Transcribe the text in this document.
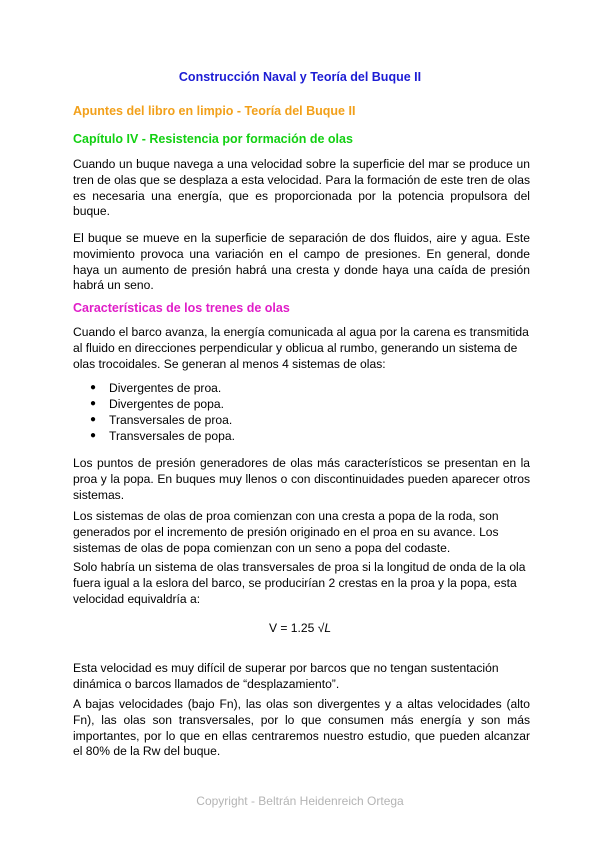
Construcción Naval y Teoría del Buque II
Apuntes del libro en limpio - Teoría del Buque II
Capítulo IV - Resistencia por formación de olas

Cuando un buque navega a una velocidad sobre la superficie del mar se produce un tren de olas que se desplaza a esta velocidad. Para la formación de este tren de olas es necesaria una energía, que es proporcionada por la potencia propulsora del buque.

El buque se mueve en la superficie de separación de dos fluidos, aire y agua. Este movimiento provoca una variación en el campo de presiones. En general, donde haya un aumento de presión habrá una cresta y donde haya una caída de presión habrá un seno.

Características de los trenes de olas

Cuando el barco avanza, la energía comunicada al agua por la carena es transmitida al fluido en direcciones perpendicular y oblicua al rumbo, generando un sistema de olas trocoidales. Se generan al menos 4 sistemas de olas:

● Divergentes de proa.
● Divergentes de popa.
● Transversales de proa.
● Transversales de popa.

Los puntos de presión generadores de olas más característicos se presentan en la proa y la popa. En buques muy llenos o con discontinuidades pueden aparecer otros sistemas.

Los sistemas de olas de proa comienzan con una cresta a popa de la roda, son generados por el incremento de presión originado en el proa en su avance. Los sistemas de olas de popa comienzan con un seno a popa del codaste.

Solo habría un sistema de olas transversales de proa si la longitud de onda de la ola fuera igual a la eslora del barco, se producirían 2 crestas en la proa y la popa, esta velocidad equivaldría a:

V = 1.25 √L

Esta velocidad es muy difícil de superar por barcos que no tengan sustentación dinámica o barcos llamados de “desplazamiento”.

A bajas velocidades (bajo Fn), las olas son divergentes y a altas velocidades (alto Fn), las olas son transversales, por lo que consumen más energía y son más importantes, por lo que en ellas centraremos nuestro estudio, que pueden alcanzar el 80% de la Rw del buque.

Copyright - Beltrán Heidenreich Ortega
